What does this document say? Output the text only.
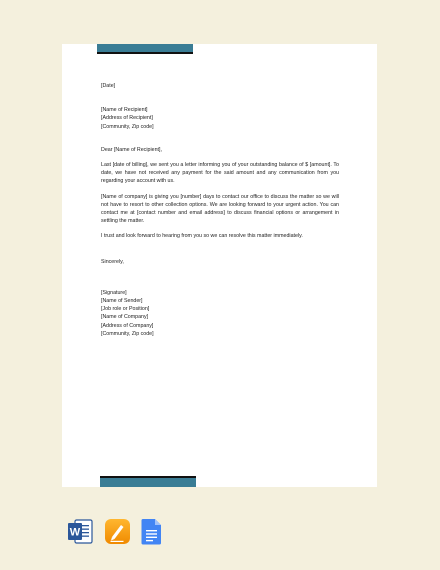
[Date]

[Name of Recipient]

[Address of Recipient]

[Community, Zip code]

Dear [Name of Recipient],

Last [date of billing], we sent you a letter informing you of your outstanding balance of $ [amount]. To date, we have not received any payment for the said amount and any communication from you regarding your account with us.

[Name of company] is giving you [number] days to contact our office to discuss the matter so we will not have to resort to other collection options. We are looking forward to your urgent action. You can contact me at [contact number and email address] to discuss financial options or arrangement in settling the matter.

I trust and look forward to hearing from you so we can resolve this matter immediately.

Sincerely,

[Signature]

[Name of Sender]

[Job role or Position]

[Name of Company]

[Address of Company]

[Community, Zip code]

W
